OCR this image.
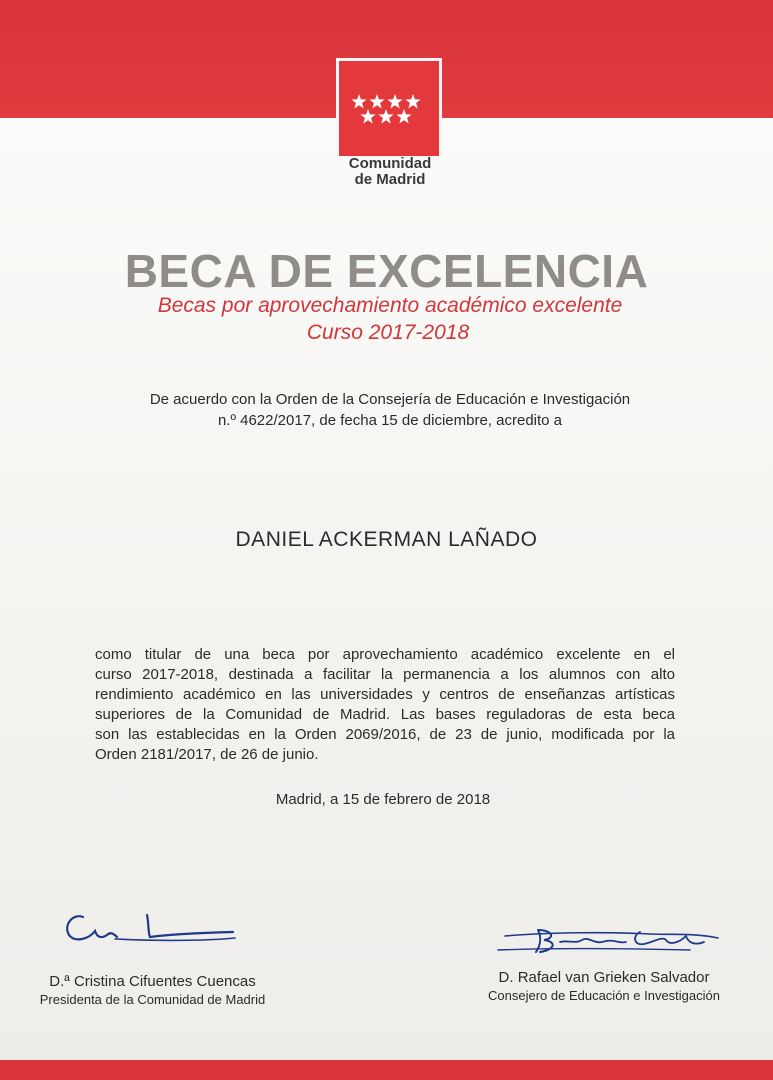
Comunidad
de Madrid
BECA DE EXCELENCIA
Becas por aprovechamiento académico excelente
Curso 2017-2018
De acuerdo con la Orden de la Consejería de Educación e Investigación
n.º 4622/2017, de fecha 15 de diciembre, acredito a
DANIEL ACKERMAN LAÑADO
como titular de una beca por aprovechamiento académico excelente en el
curso 2017-2018, destinada a facilitar la permanencia a los alumnos con alto
rendimiento académico en las universidades y centros de enseñanzas artísticas
superiores de la Comunidad de Madrid. Las bases reguladoras de esta beca
son las establecidas en la Orden 2069/2016, de 23 de junio, modificada por la
Orden 2181/2017, de 26 de junio.
Madrid, a 15 de febrero de 2018
D.ª Cristina Cifuentes Cuencas
Presidenta de la Comunidad de Madrid
D. Rafael van Grieken Salvador
Consejero de Educación e Investigación
